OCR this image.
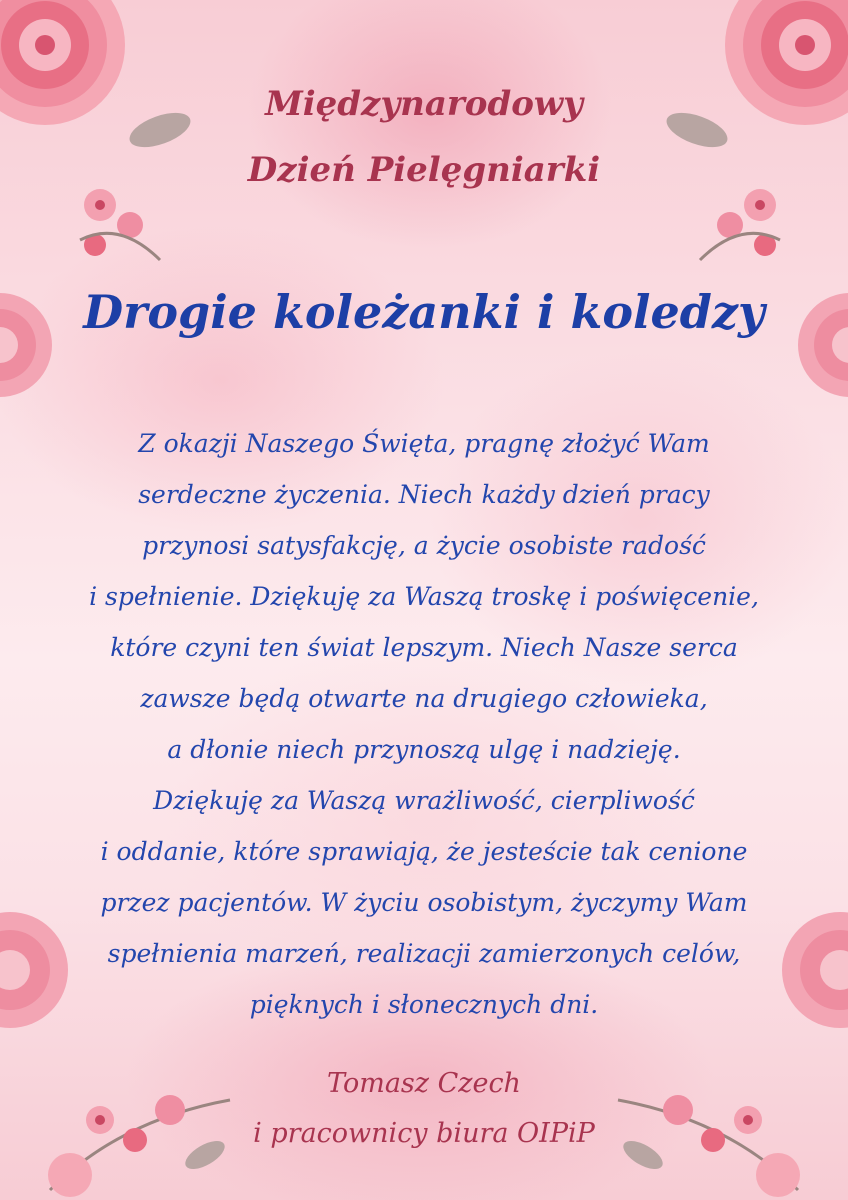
Międzynarodowy
Dzień Pielęgniarki
Drogie koleżanki i koledzy
Z okazji Naszego Święta, pragnę złożyć Wam
serdeczne życzenia. Niech każdy dzień pracy
przynosi satysfakcję, a życie osobiste radość
i spełnienie. Dziękuję za Waszą troskę i poświęcenie,
które czyni ten świat lepszym. Niech Nasze serca
zawsze będą otwarte na drugiego człowieka,
a dłonie niech przynoszą ulgę i nadzieję.
Dziękuję za Waszą wrażliwość, cierpliwość
i oddanie, które sprawiają, że jesteście tak cenione
przez pacjentów. W życiu osobistym, życzymy Wam
spełnienia marzeń, realizacji zamierzonych celów,
pięknych i słonecznych dni.

Tomasz Czech

i pracownicy biura OIPiP
